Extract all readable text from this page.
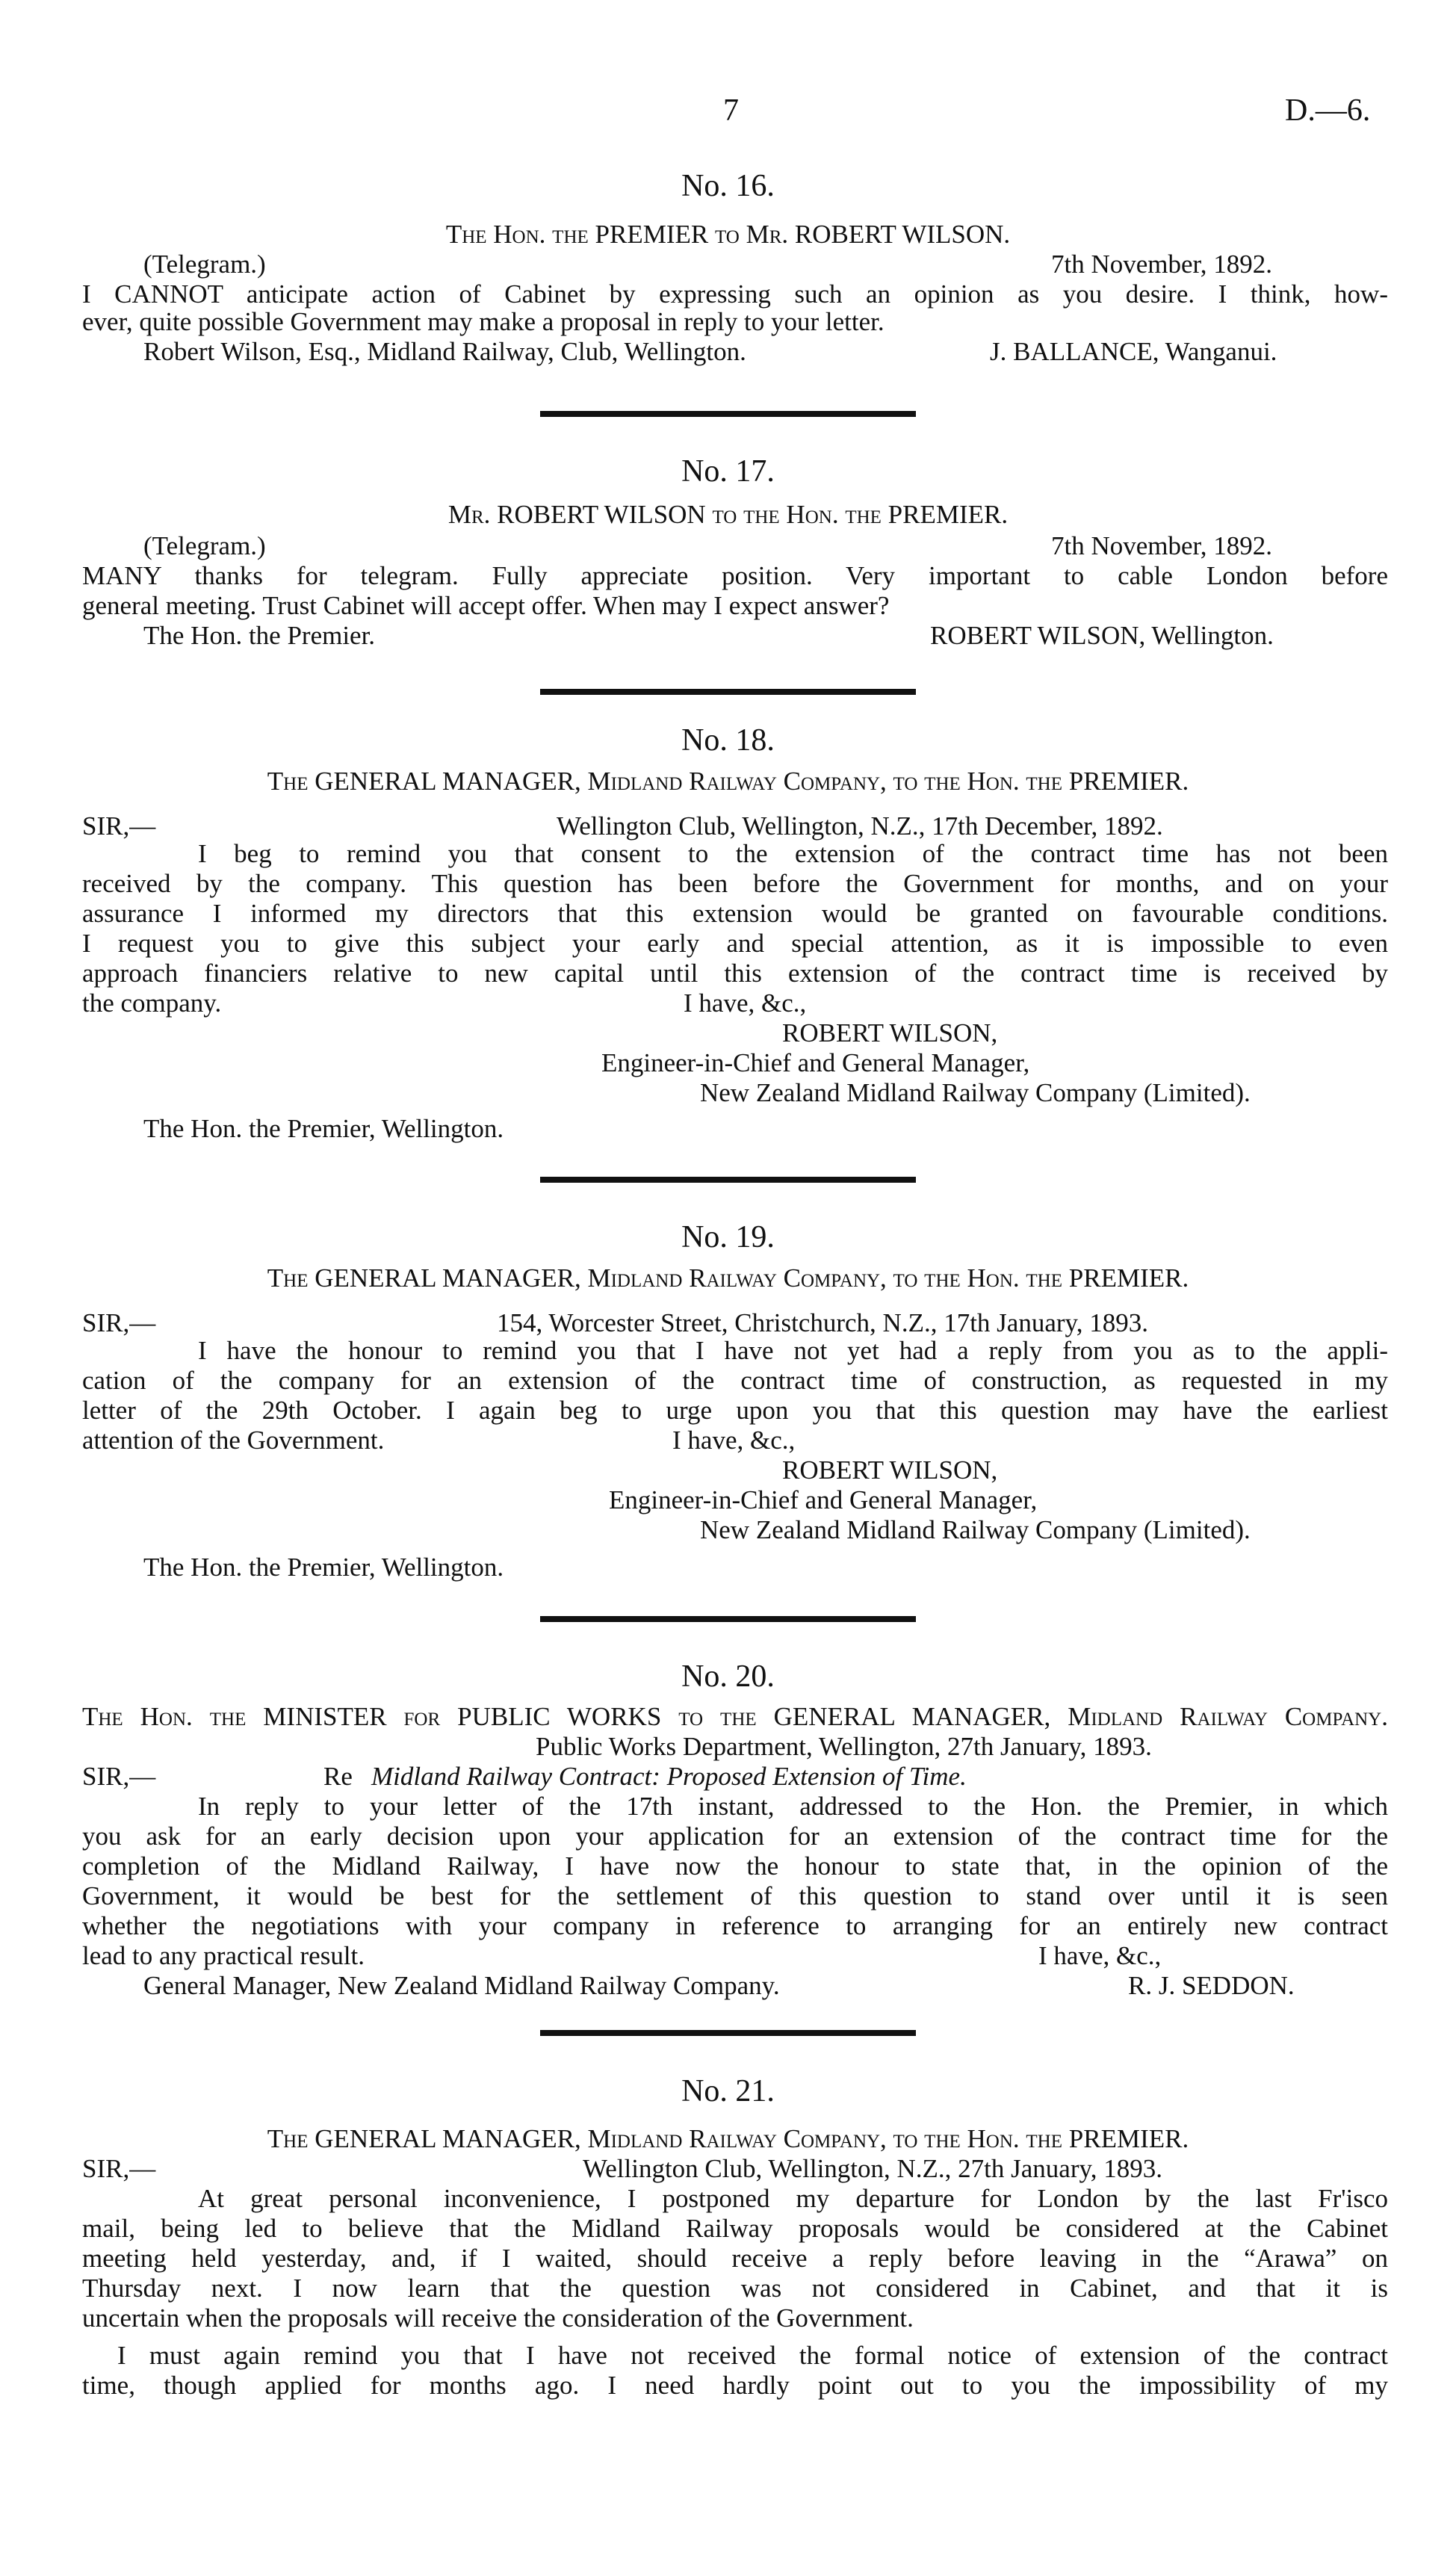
7	D.—6.
No. 16.
The Hon. the PREMIER to Mr. ROBERT WILSON.
(Telegram.)	7th November, 1892.
I CANNOT anticipate action of Cabinet by expressing such an opinion as you desire. I think, how-
ever, quite possible Government may make a proposal in reply to your letter.
Robert Wilson, Esq., Midland Railway, Club, Wellington.	J. BALLANCE, Wanganui.
No. 17.
Mr. ROBERT WILSON to the Hon. the PREMIER.
(Telegram.)	7th November, 1892.
MANY thanks for telegram. Fully appreciate position. Very important to cable London before
general meeting. Trust Cabinet will accept offer. When may I expect answer?
The Hon. the Premier.	ROBERT WILSON, Wellington.
No. 18.
The GENERAL MANAGER, Midland Railway Company, to the Hon. the PREMIER.
SIR,—	Wellington Club, Wellington, N.Z., 17th December, 1892.
I beg to remind you that consent to the extension of the contract time has not been
received by the company. This question has been before the Government for months, and on your
assurance I informed my directors that this extension would be granted on favourable conditions.
I request you to give this subject your early and special attention, as it is impossible to even
approach financiers relative to new capital until this extension of the contract time is received by
the company.	I have, &c.,
ROBERT WILSON,
Engineer-in-Chief and General Manager,
New Zealand Midland Railway Company (Limited).
The Hon. the Premier, Wellington.
No. 19.
The GENERAL MANAGER, Midland Railway Company, to the Hon. the PREMIER.
SIR,—	154, Worcester Street, Christchurch, N.Z., 17th January, 1893.
I have the honour to remind you that I have not yet had a reply from you as to the appli-
cation of the company for an extension of the contract time of construction, as requested in my
letter of the 29th October. I again beg to urge upon you that this question may have the earliest
attention of the Government.	I have, &c.,
ROBERT WILSON,
Engineer-in-Chief and General Manager,
New Zealand Midland Railway Company (Limited).
The Hon. the Premier, Wellington.
No. 20.
The Hon. the MINISTER for PUBLIC WORKS to the GENERAL MANAGER, Midland Railway Company.
Public Works Department, Wellington, 27th January, 1893.
SIR,—	Re Midland Railway Contract: Proposed Extension of Time.
In reply to your letter of the 17th instant, addressed to the Hon. the Premier, in which
you ask for an early decision upon your application for an extension of the contract time for the
completion of the Midland Railway, I have now the honour to state that, in the opinion of the
Government, it would be best for the settlement of this question to stand over until it is seen
whether the negotiations with your company in reference to arranging for an entirely new contract
lead to any practical result.	I have, &c.,
General Manager, New Zealand Midland Railway Company.	R. J. SEDDON.
No. 21.
The GENERAL MANAGER, Midland Railway Company, to the Hon. the PREMIER.
SIR,—	Wellington Club, Wellington, N.Z., 27th January, 1893.
At great personal inconvenience, I postponed my departure for London by the last Fr'isco
mail, being led to believe that the Midland Railway proposals would be considered at the Cabinet
meeting held yesterday, and, if I waited, should receive a reply before leaving in the “Arawa” on
Thursday next. I now learn that the question was not considered in Cabinet, and that it is
uncertain when the proposals will receive the consideration of the Government.
I must again remind you that I have not received the formal notice of extension of the contract
time, though applied for months ago. I need hardly point out to you the impossibility of my
